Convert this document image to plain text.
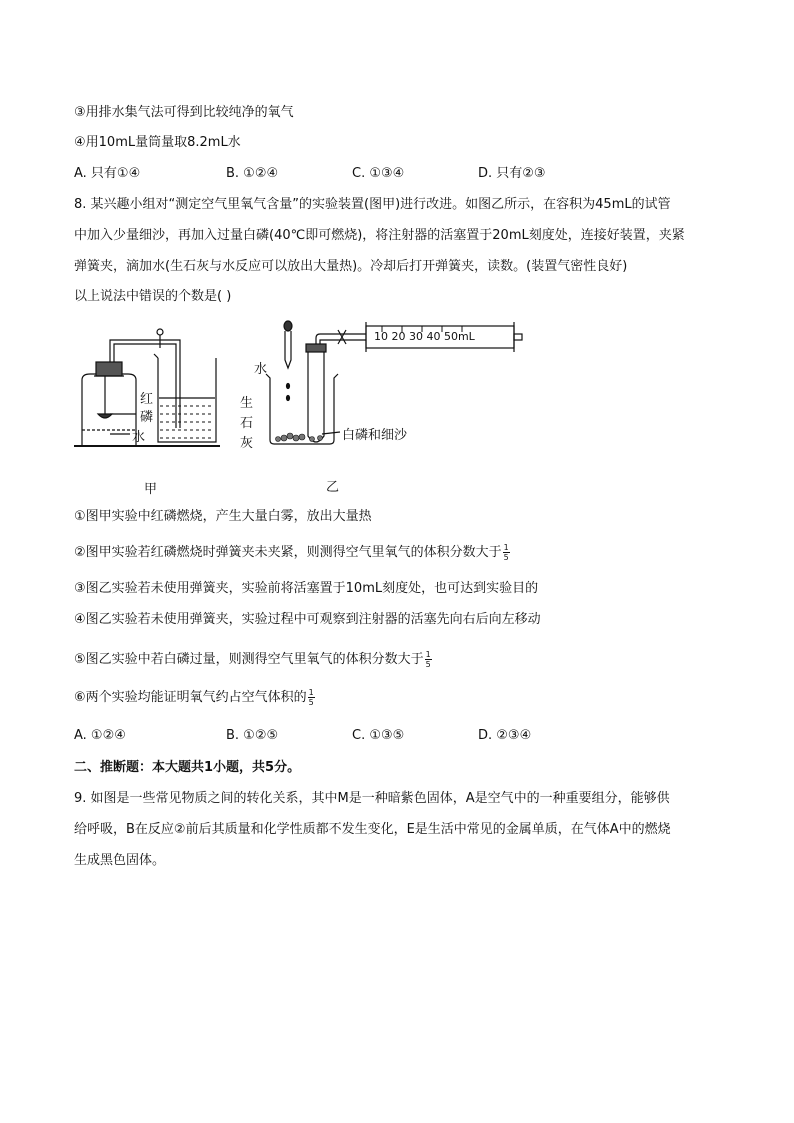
③用排水集气法可得到比较纯净的氧气
④用10mL量筒量取8.2mL水
A. 只有①④	B. ①②④	C. ①③④	D. 只有②③
8. 某兴趣小组对“测定空气里氧气含量”的实验装置(图甲)进行改进。如图乙所示，在容积为45mL的试管
中加入少量细沙，再加入过量白磷(40℃即可燃烧)，将注射器的活塞置于20mL刻度处，连接好装置，夹紧
弹簧夹，滴加水(生石灰与水反应可以放出大量热)。冷却后打开弹簧夹，读数。(装置气密性良好)
以上说法中错误的个数是( )
红
磷
水
水
生
石
灰
白磷和细沙
10 20 30 40 50mL
甲	乙
①图甲实验中红磷燃烧，产生大量白雾，放出大量热
②图甲实验若红磷燃烧时弹簧夹未夹紧，则测得空气里氧气的体积分数大于 $\frac{1}{5}$
③图乙实验若未使用弹簧夹，实验前将活塞置于10mL刻度处，也可达到实验目的
④图乙实验若未使用弹簧夹，实验过程中可观察到注射器的活塞先向右后向左移动
⑤图乙实验中若白磷过量，则测得空气里氧气的体积分数大于 $\frac{1}{5}$
⑥两个实验均能证明氧气约占空气体积的 $\frac{1}{5}$
A. ①②④	B. ①②⑤	C. ①③⑤	D. ②③④
二、推断题：本大题共1小题，共5分。
9. 如图是一些常见物质之间的转化关系，其中M是一种暗紫色固体，A是空气中的一种重要组分，能够供
给呼吸，B在反应②前后其质量和化学性质都不发生变化，E是生活中常见的金属单质，在气体A中的燃烧
生成黑色固体。
